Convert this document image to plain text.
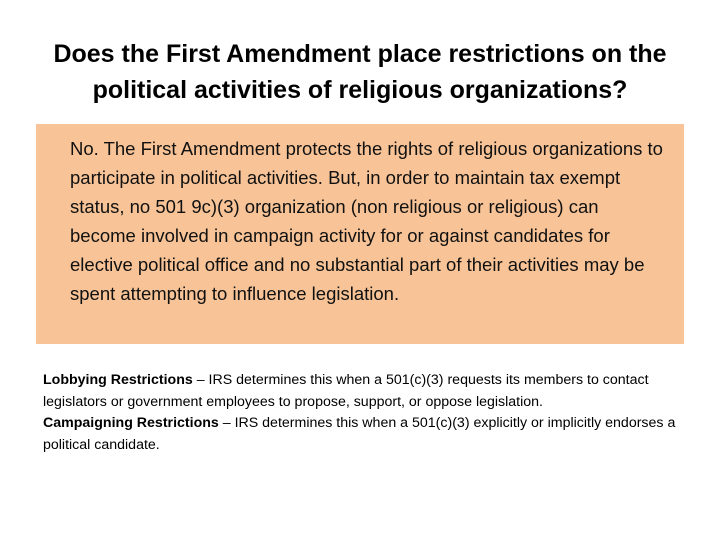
Does the First Amendment place restrictions on the political activities of religious organizations?

No. The First Amendment protects the rights of religious organizations to participate in political activities. But, in order to maintain tax exempt status, no 501 9c)(3) organization (non religious or religious) can become involved in campaign activity for or against candidates for elective political office and no substantial part of their activities may be spent attempting to influence legislation.

Lobbying Restrictions – IRS determines this when a 501(c)(3) requests its members to contact legislators or government employees to propose, support, or oppose legislation.

Campaigning Restrictions – IRS determines this when a 501(c)(3) explicitly or implicitly endorses a political candidate.
